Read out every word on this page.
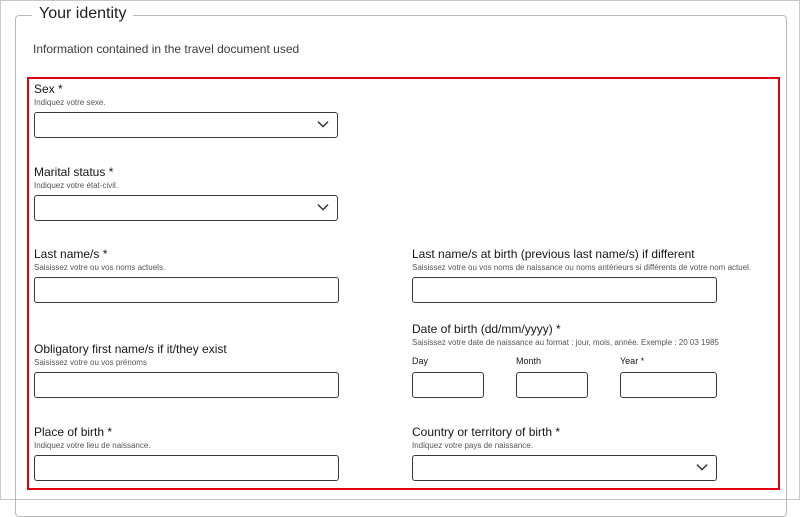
Your identity
Information contained in the travel document used
Sex *
Indiquez votre sexe.
Marital status *
Indiquez votre état-civil.
Last name/s *
Saisissez votre ou vos noms actuels.
Last name/s at birth (previous last name/s) if different
Saisissez votre ou vos noms de naissance ou noms antérieurs si différents de votre nom actuel.
Obligatory first name/s if it/they exist
Saisissez votre ou vos prénoms
Date of birth (dd/mm/yyyy) *
Saisissez votre date de naissance au format : jour, mois, année. Exemple : 20 03 1985
Day	Month	Year *
Place of birth *
Indiquez votre lieu de naissance.
Country or territory of birth *
Indiquez votre pays de naissance.
